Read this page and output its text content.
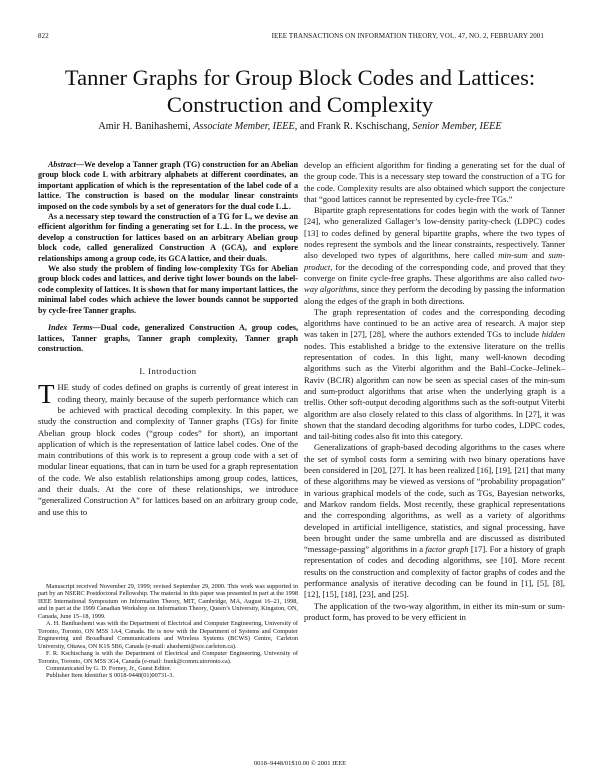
822	IEEE TRANSACTIONS ON INFORMATION THEORY, VOL. 47, NO. 2, FEBRUARY 2001
Tanner Graphs for Group Block Codes and Lattices:
Construction and Complexity
Amir H. Banihashemi, Associate Member, IEEE, and Frank R. Kschischang, Senior Member, IEEE

Abstract—We develop a Tanner graph (TG) construction for an Abelian group block code L with arbitrary alphabets at different coordinates, an important application of which is the representation of the label code of a lattice. The construction is based on the modular linear constraints imposed on the code symbols by a set of generators for the dual code L⊥.

As a necessary step toward the construction of a TG for L, we devise an efficient algorithm for finding a generating set for L⊥. In the process, we develop a construction for lattices based on an arbitrary Abelian group block code, called generalized Construction A (GCA), and explore relationships among a group code, its GCA lattice, and their duals.

We also study the problem of finding low-complexity TGs for Abelian group block codes and lattices, and derive tight lower bounds on the label-code complexity of lattices. It is shown that for many important lattices, the minimal label codes which achieve the lower bounds cannot be supported by cycle-free Tanner graphs.

Index Terms—Dual code, generalized Construction A, group codes, lattices, Tanner graphs, Tanner graph complexity, Tanner graph construction.

I. Introduction

THE study of codes defined on graphs is currently of great interest in coding theory, mainly because of the superb performance which can be achieved with practical decoding complexity. In this paper, we study the construction and complexity of Tanner graphs (TGs) for finite Abelian group block codes (“group codes” for short), an important application of which is the representation of lattice label codes. One of the main contributions of this work is to represent a group code with a set of modular linear equations, that can in turn be used for a graph representation of the code. We also establish relationships among group codes, lattices, and their duals. At the core of these relationships, we introduce “generalized Construction A” for lattices based on an arbitrary group code, and use this to

Manuscript received November 29, 1999; revised September 29, 2000. This work was supported in part by an NSERC Postdoctoral Fellowship. The material in this paper was presented in part at the 1998 IEEE International Symposium on Information Theory, MIT, Cambridge, MA, August 16–21, 1998, and in part at the 1999 Canadian Workshop on Information Theory, Queen’s University, Kingston, ON, Canada, June 15–18, 1999.

A. H. Banihashemi was with the Department of Electrical and Computer Engineering, University of Toronto, Toronto, ON M5S 1A4, Canada. He is now with the Department of Systems and Computer Engineering and Broadband Communications and Wireless Systems (BCWS) Centre, Carleton University, Ottawa, ON K1S 5B6, Canada (e-mail: ahashemi@sce.carleton.ca).

F. R. Kschischang is with the Department of Electrical and Computer Engineering, University of Toronto, Toronto, ON M5S 3G4, Canada (e-mail: frank@comm.utoronto.ca).

Communicated by G. D. Forney, Jr., Guest Editor.

Publisher Item Identifier S 0018-9448(01)00731-3.

develop an efficient algorithm for finding a generating set for the dual of the group code. This is a necessary step toward the construction of a TG for the code. Complexity results are also obtained which support the conjecture that “good lattices cannot be represented by cycle-free TGs.”

Bipartite graph representations for codes begin with the work of Tanner [24], who generalized Gallager’s low-density parity-check (LDPC) codes [13] to codes defined by general bipartite graphs, where the two types of nodes represent the symbols and the linear constraints, respectively. Tanner also developed two types of algorithms, here called min-sum and sum-product, for the decoding of the corresponding code, and proved that they converge on finite cycle-free graphs. These algorithms are also called two-way algorithms, since they perform the decoding by passing the information along the edges of the graph in both directions.

The graph representation of codes and the corresponding decoding algorithms have continued to be an active area of research. A major step was taken in [27], [28], where the authors extended TGs to include hidden nodes. This established a bridge to the extensive literature on the trellis representation of codes. In this light, many well-known decoding algorithms such as the Viterbi algorithm and the Bahl–Cocke–Jelinek–Raviv (BCJR) algorithm can now be seen as special cases of the min-sum and sum-product algorithms that arise when the underlying graph is a trellis. Other soft-output decoding algorithms such as the soft-output Viterbi algorithm are also closely related to this class of algorithms. In [27], it was shown that the standard decoding algorithms for turbo codes, LDPC codes, and tail-biting codes also fit into this category.

Generalizations of graph-based decoding algorithms to the cases where the set of symbol costs form a semiring with two binary operations have been considered in [20], [27]. It has been realized [16], [19], [21] that many of these algorithms may be viewed as versions of “probability propagation” in various graphical models of the code, such as TGs, Bayesian networks, and Markov random fields. Most recently, these graphical representations and the corresponding algorithms, as well as a variety of algorithms developed in artificial intelligence, statistics, and signal processing, have been brought under the same umbrella and are discussed as distributed “message-passing” algorithms in a factor graph [17]. For a history of graph representation of codes and decoding algorithms, see [10]. More recent results on the construction and complexity of factor graphs of codes and the performance analysis of iterative decoding can be found in [1], [5], [8], [12], [15], [18], [23], and [25].

The application of the two-way algorithm, in either its min-sum or sum-product form, has proved to be very efficient in

0018–9448/01$10.00 © 2001 IEEE
